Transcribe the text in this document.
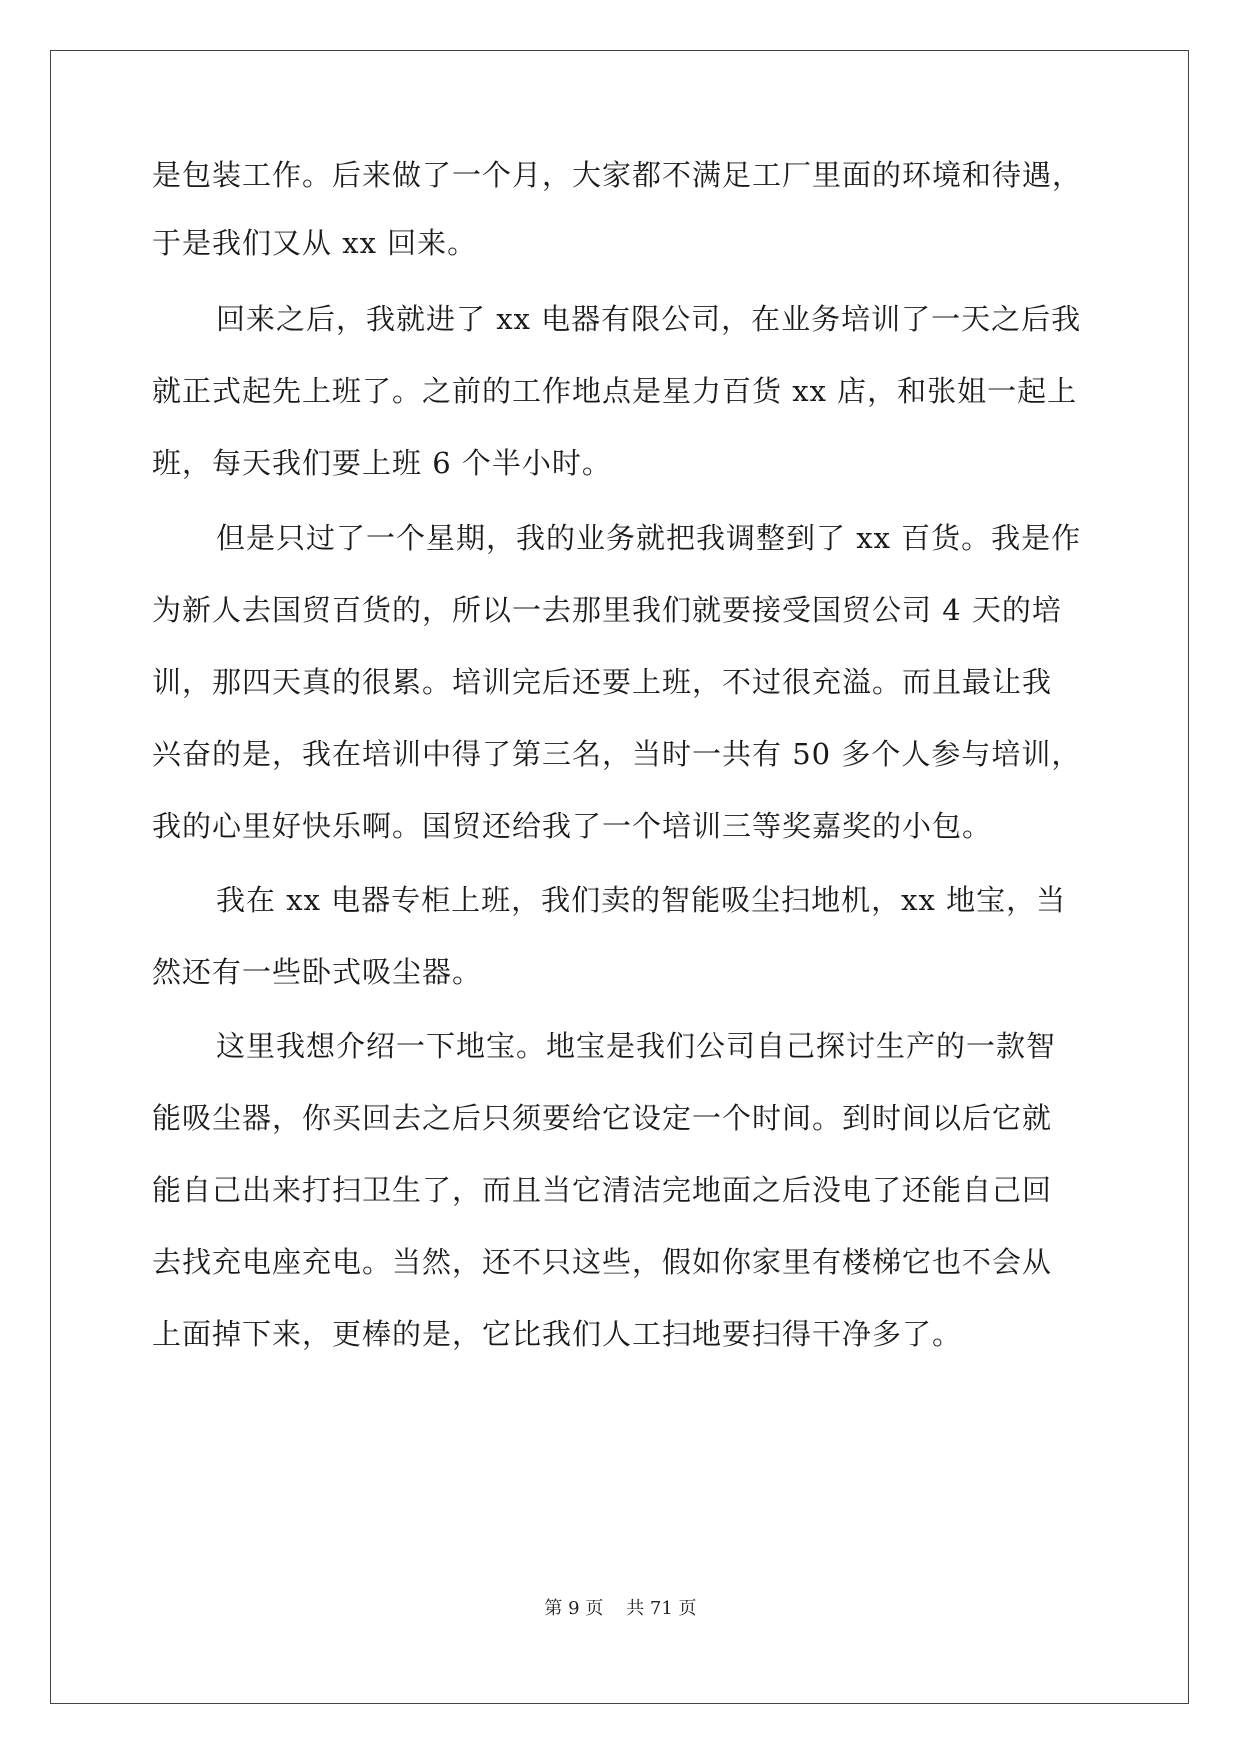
是包装工作。后来做了一个月，大家都不满足工厂里面的环境和待遇，
于是我们又从 xx 回来。
回来之后，我就进了 xx 电器有限公司，在业务培训了一天之后我
就正式起先上班了。之前的工作地点是星力百货 xx 店，和张姐一起上
班，每天我们要上班 6 个半小时。
但是只过了一个星期，我的业务就把我调整到了 xx 百货。我是作
为新人去国贸百货的，所以一去那里我们就要接受国贸公司 4 天的培
训，那四天真的很累。培训完后还要上班，不过很充溢。而且最让我
兴奋的是，我在培训中得了第三名，当时一共有 50 多个人参与培训，
我的心里好快乐啊。国贸还给我了一个培训三等奖嘉奖的小包。
我在 xx 电器专柜上班，我们卖的智能吸尘扫地机，xx 地宝，当
然还有一些卧式吸尘器。
这里我想介绍一下地宝。地宝是我们公司自己探讨生产的一款智
能吸尘器，你买回去之后只须要给它设定一个时间。到时间以后它就
能自己出来打扫卫生了，而且当它清洁完地面之后没电了还能自己回
去找充电座充电。当然，还不只这些，假如你家里有楼梯它也不会从
上面掉下来，更棒的是，它比我们人工扫地要扫得干净多了。
第 9 页    共 71 页
